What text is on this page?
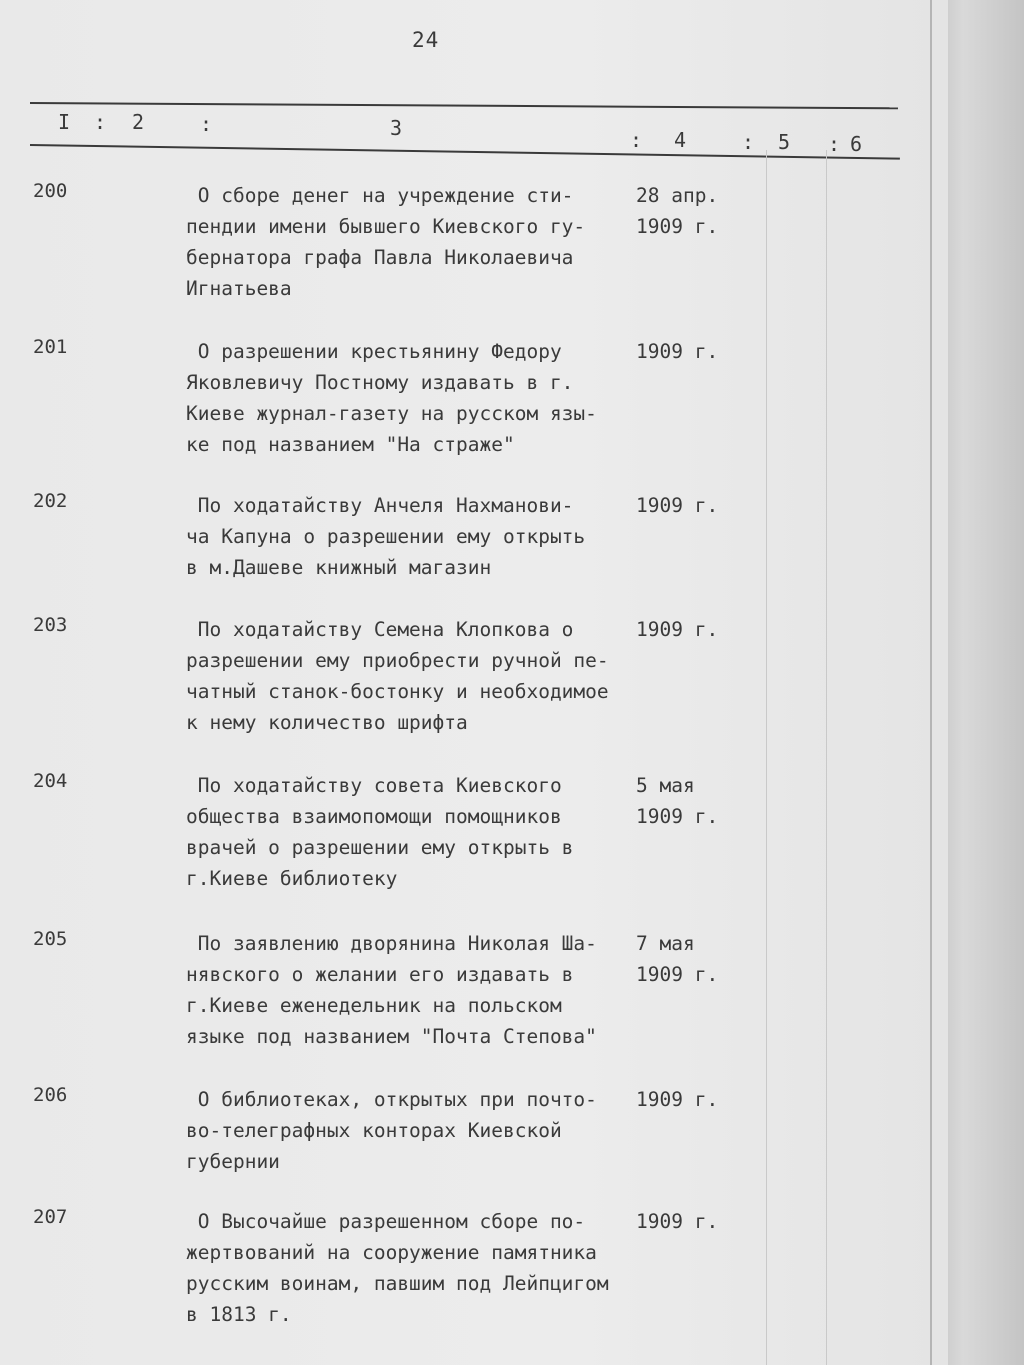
24
I : 2	:	3	: 4	: 5 : 6
200	О сборе денег на учреждение сти-
пендии имени бывшего Киевского гу-
бернатора графа Павла Николаевича
Игнатьева
28 апр.
1909 г.
201	О разрешении крестьянину Федору
Яковлевичу Постному издавать в г.
Киеве журнал-газету на русском язы-
ке под названием "На страже"
1909 г.
202	По ходатайству Анчеля Нахманови-
ча Капуна о разрешении ему открыть
в м.Дашеве книжный магазин
1909 г.
203	По ходатайству Семена Клопкова о
разрешении ему приобрести ручной пе-
чатный станок-бостонку и необходимое
к нему количество шрифта
1909 г.
204	По ходатайству совета Киевского
общества взаимопомощи помощников
врачей о разрешении ему открыть в
г.Киеве библиотеку
5 мая
1909 г.
205	По заявлению дворянина Николая Ша-
нявского о желании его издавать в
г.Киеве еженедельник на польском
языке под названием "Почта Степова"
7 мая
1909 г.
206	О библиотеках, открытых при почто-
во-телеграфных конторах Киевской
губернии
1909 г.
207	О Высочайше разрешенном сборе по-
жертвований на сооружение памятника
русским воинам, павшим под Лейпцигом
в 1813 г.
1909 г.
